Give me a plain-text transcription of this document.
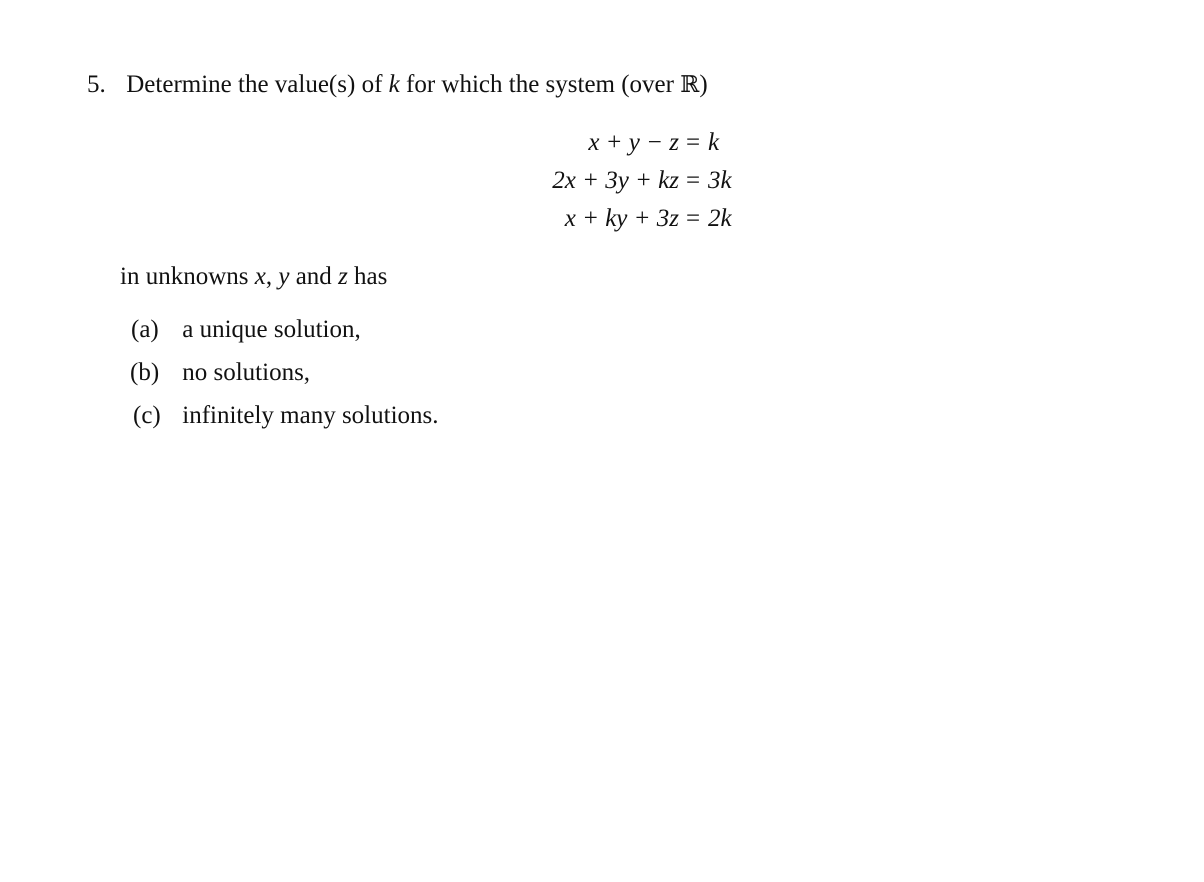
5. Determine the value(s) of k for which the system (over ℝ)
x + y − z = k
2x + 3y + kz = 3k
x + ky + 3z = 2k
in unknowns x, y and z has
(a) a unique solution,
(b) no solutions,
(c) infinitely many solutions.
